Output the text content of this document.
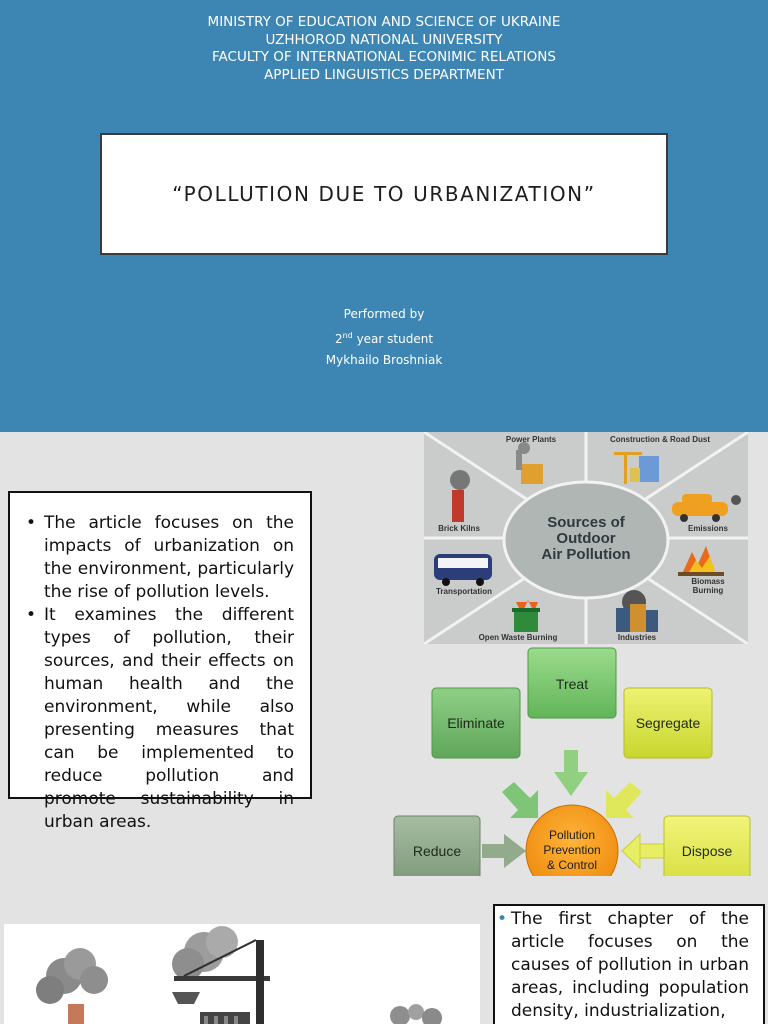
MINISTRY OF EDUCATION AND SCIENCE OF UKRAINE
UZHHOROD NATIONAL UNIVERSITY
FACULTY OF INTERNATIONAL ECONIMIC RELATIONS
APPLIED LINGUISTICS DEPARTMENT
“POLLUTION DUE TO URBANIZATION”
Performed by
2nd year student
Mykhailo Broshniak
• The article focuses on the impacts of urbanization on the environment, particularly the rise of pollution levels.
• It examines the different types of pollution, their sources, and their effects on human health and the environment, while also presenting measures that can be implemented to reduce pollution and promote sustainability in urban areas.
Sources of
Outdoor
Air Pollution
Power Plants	Construction & Road Dust
Brick Kilns	Emissions
Transportation
Biomass
Burning
Open Waste Burning	Industries
Treat
Eliminate	Segregate
Reduce	Dispose
Pollution
Prevention
& Control
• The first chapter of the article focuses on the causes of pollution in urban areas, including population density, industrialization,
